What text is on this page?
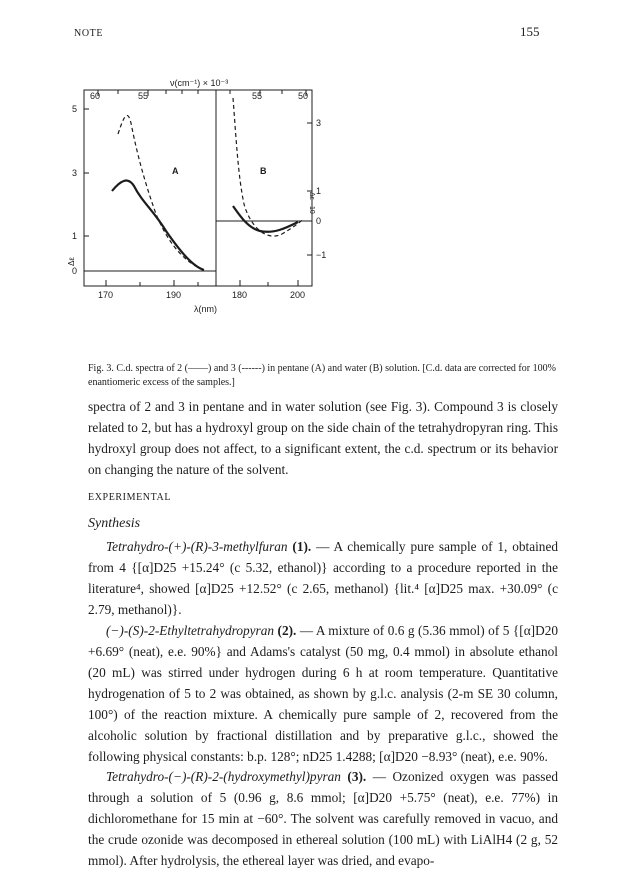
NOTE	155
ν(cm⁻¹) × 10⁻³
60	55	55	50
5
3
1
0
Δε
3
1
0
−1
Δε · 10
A	B
170	190	180	200
λ(nm)
Fig. 3. C.d. spectra of 2 (——) and 3 (------) in pentane (A) and water (B) solution. [C.d. data are corrected for 100% enantiomeric excess of the samples.]

spectra of 2 and 3 in pentane and in water solution (see Fig. 3). Compound 3 is closely related to 2, but has a hydroxyl group on the side chain of the tetrahydropyran ring. This hydroxyl group does not affect, to a significant extent, the c.d. spectrum or its behavior on changing the nature of the solvent.

EXPERIMENTAL
Synthesis

Tetrahydro-(+)-(R)-3-methylfuran (1). — A chemically pure sample of 1, obtained from 4 {[α]D25 +15.24° (c 5.32, ethanol)} according to a procedure reported in the literature⁴, showed [α]D25 +12.52° (c 2.65, methanol) {lit.⁴ [α]D25 max. +30.09° (c 2.79, methanol)}.

(−)-(S)-2-Ethyltetrahydropyran (2). — A mixture of 0.6 g (5.36 mmol) of 5 {[α]D20 +6.69° (neat), e.e. 90%} and Adams's catalyst (50 mg, 0.4 mmol) in absolute ethanol (20 mL) was stirred under hydrogen during 6 h at room temperature. Quantitative hydrogenation of 5 to 2 was obtained, as shown by g.l.c. analysis (2-m SE 30 column, 100°) of the reaction mixture. A chemically pure sample of 2, recovered from the alcoholic solution by fractional distillation and by preparative g.l.c., showed the following physical constants: b.p. 128°; nD25 1.4288; [α]D20 −8.93° (neat), e.e. 90%.

Tetrahydro-(−)-(R)-2-(hydroxymethyl)pyran (3). — Ozonized oxygen was passed through a solution of 5 (0.96 g, 8.6 mmol; [α]D20 +5.75° (neat), e.e. 77%) in dichloromethane for 15 min at −60°. The solvent was carefully removed in vacuo, and the crude ozonide was decomposed in ethereal solution (100 mL) with LiAlH4 (2 g, 52 mmol). After hydrolysis, the ethereal layer was dried, and evapo-
